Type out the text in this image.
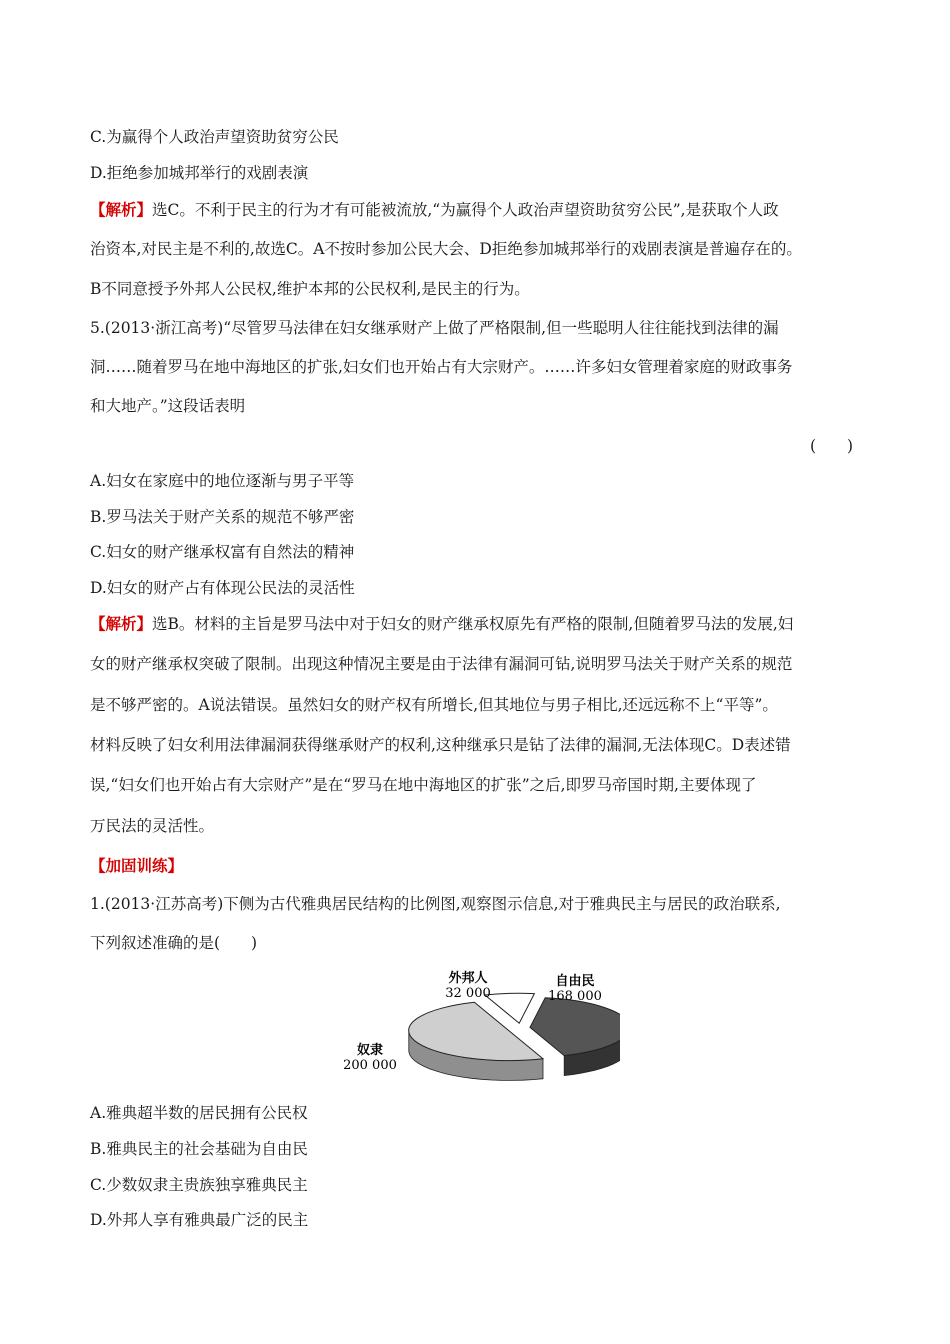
C.为赢得个人政治声望资助贫穷公民
D.拒绝参加城邦举行的戏剧表演
【解析】选C。不利于民主的行为才有可能被流放,“为赢得个人政治声望资助贫穷公民”,是获取个人政
治资本,对民主是不利的,故选C。A不按时参加公民大会、D拒绝参加城邦举行的戏剧表演是普遍存在的。
B不同意授予外邦人公民权,维护本邦的公民权利,是民主的行为。
5.(2013·浙江高考)“尽管罗马法律在妇女继承财产上做了严格限制,但一些聪明人往往能找到法律的漏
洞……随着罗马在地中海地区的扩张,妇女们也开始占有大宗财产。……许多妇女管理着家庭的财政事务
和大地产。”这段话表明
(　　)
A.妇女在家庭中的地位逐渐与男子平等
B.罗马法关于财产关系的规范不够严密
C.妇女的财产继承权富有自然法的精神
D.妇女的财产占有体现公民法的灵活性
【解析】选B。材料的主旨是罗马法中对于妇女的财产继承权原先有严格的限制,但随着罗马法的发展,妇
女的财产继承权突破了限制。出现这种情况主要是由于法律有漏洞可钻,说明罗马法关于财产关系的规范
是不够严密的。A说法错误。虽然妇女的财产权有所增长,但其地位与男子相比,还远远称不上“平等”。
材料反映了妇女利用法律漏洞获得继承财产的权利,这种继承只是钻了法律的漏洞,无法体现C。D表述错
误,“妇女们也开始占有大宗财产”是在“罗马在地中海地区的扩张”之后,即罗马帝国时期,主要体现了
万民法的灵活性。
【加固训练】
1.(2013·江苏高考)下侧为古代雅典居民结构的比例图,观察图示信息,对于雅典民主与居民的政治联系,
下列叙述准确的是(　　)
外邦人
32 000
自由民
168 000
奴隶
200 000
A.雅典超半数的居民拥有公民权
B.雅典民主的社会基础为自由民
C.少数奴隶主贵族独享雅典民主
D.外邦人享有雅典最广泛的民主
